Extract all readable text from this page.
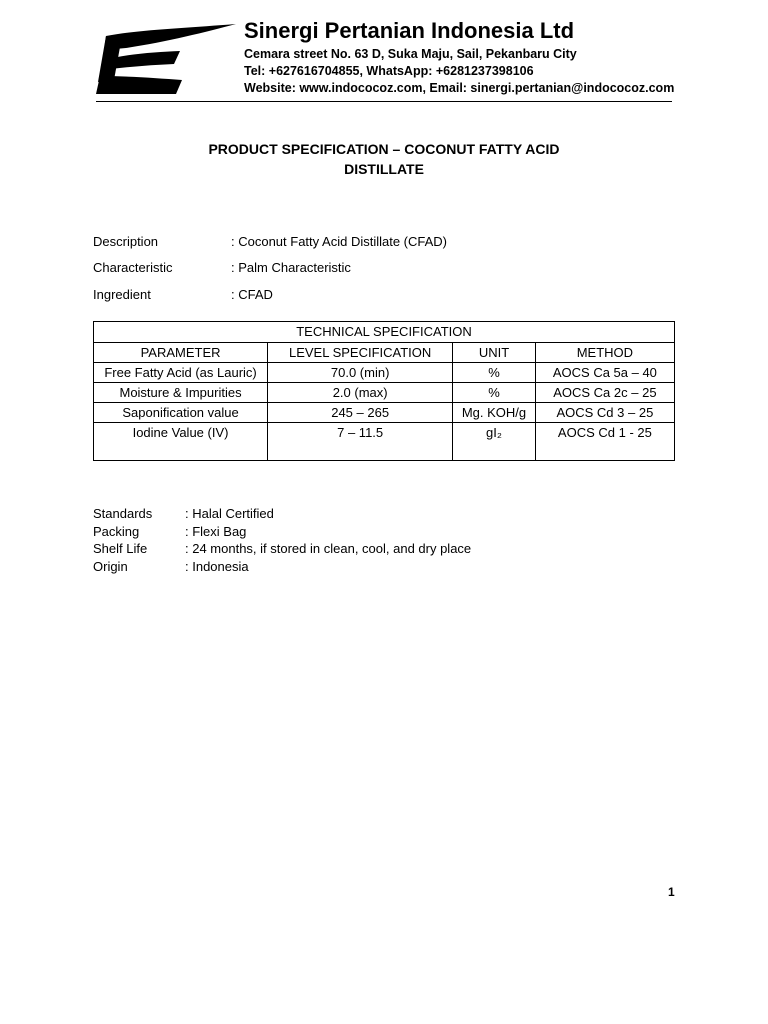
Sinergi Pertanian Indonesia Ltd
Cemara street No. 63 D, Suka Maju, Sail, Pekanbaru City
Tel: +627616704855, WhatsApp: +6281237398106
Website: www.indococoz.com, Email: sinergi.pertanian@indococoz.com
PRODUCT SPECIFICATION – COCONUT FATTY ACID
DISTILLATE
Description	: Coconut Fatty Acid Distillate (CFAD)
Characteristic	: Palm Characteristic
Ingredient	: CFAD
TECHNICAL SPECIFICATION			
PARAMETER	LEVEL SPECIFICATION	UNIT	METHOD
Free Fatty Acid (as Lauric)	70.0 (min)	%	AOCS Ca 5a – 40
Moisture & Impurities	2.0 (max)	%	AOCS Ca 2c – 25
Saponification value	245 – 265	Mg. KOH/g	AOCS Cd 3 – 25
Iodine Value (IV)	7 – 11.5	gI₂	AOCS Cd 1 - 25
Standards	: Halal Certified
Packing	: Flexi Bag
Shelf Life	: 24 months, if stored in clean, cool, and dry place
Origin	: Indonesia
1
